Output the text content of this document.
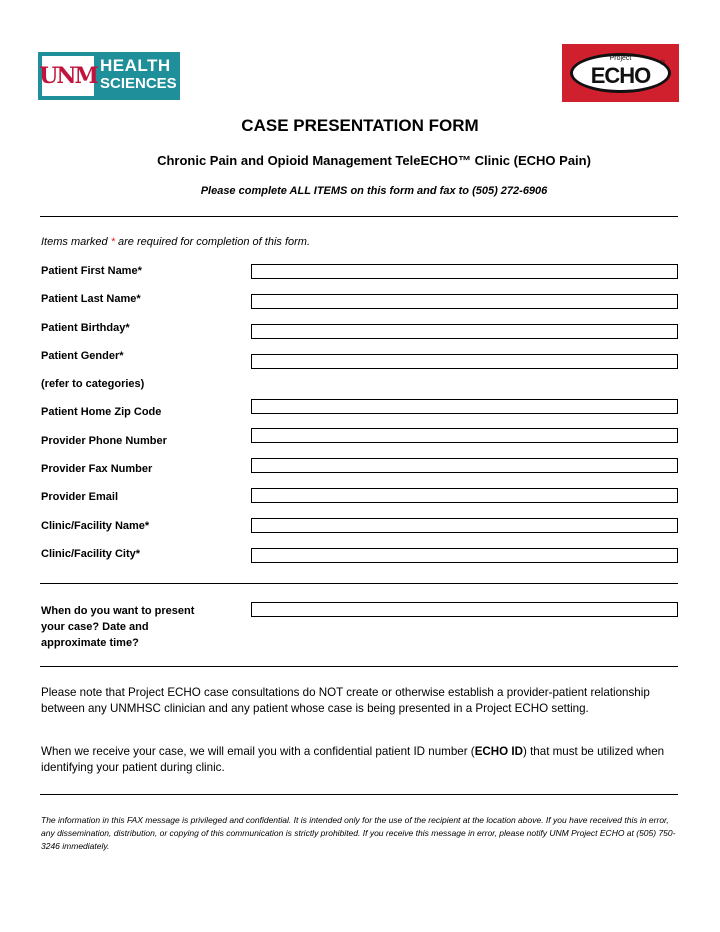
UNM HEALTH
SCIENCES
Project
ECHO	®
CASE PRESENTATION FORM
Chronic Pain and Opioid Management TeleECHO™ Clinic (ECHO Pain)
Please complete ALL ITEMS on this form and fax to (505) 272-6906
Items marked * are required for completion of this form.
Patient First Name*
Patient Last Name*
Patient Birthday*
Patient Gender*
(refer to categories)
Patient Home Zip Code
Provider Phone Number
Provider Fax Number
Provider Email
Clinic/Facility Name*
Clinic/Facility City*
When do you want to present
your case? Date and
approximate time?
Please note that Project ECHO case consultations do NOT create or otherwise establish a provider-patient relationship between any UNMHSC clinician and any patient whose case is being presented in a Project ECHO setting.
When we receive your case, we will email you with a confidential patient ID number (ECHO ID) that must be utilized when identifying your patient during clinic.
The information in this FAX message is privileged and confidential. It is intended only for the use of the recipient at the location above. If you have received this in error, any dissemination, distribution, or copying of this communication is strictly prohibited. If you receive this message in error, please notify UNM Project ECHO at (505) 750-3246 immediately.
